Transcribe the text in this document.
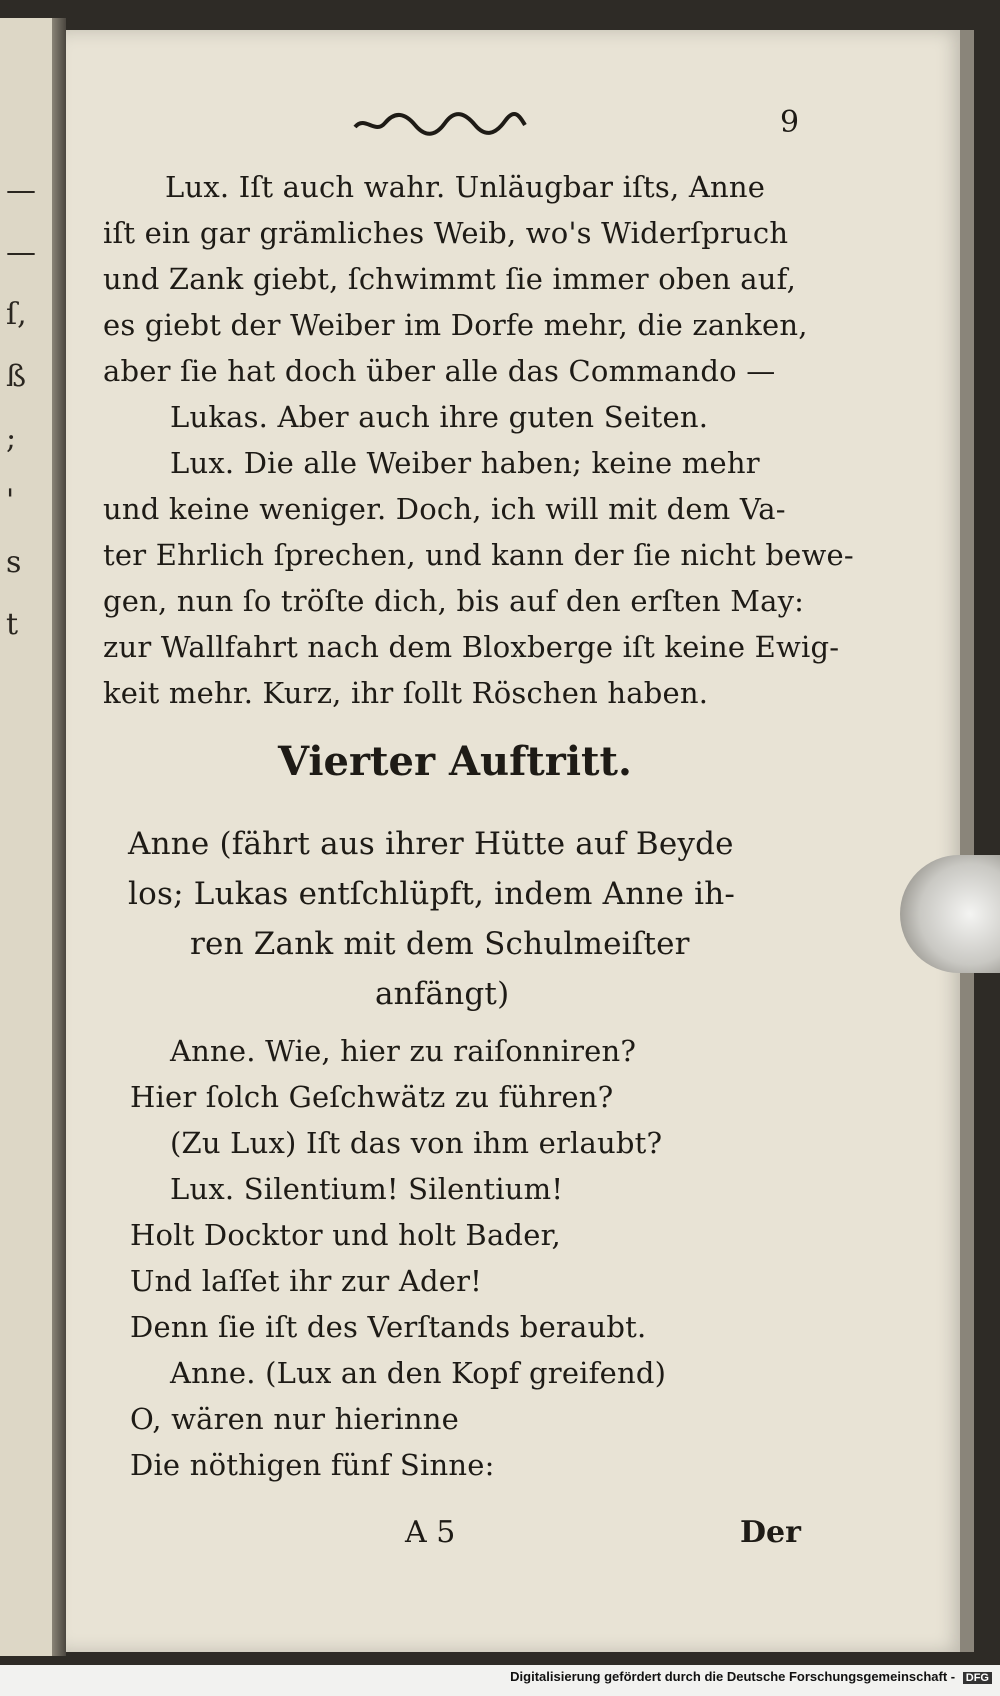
—
—
ſ,
ß
;
'
s
t
9
Lux. Iſt auch wahr. Unläugbar iſts, Anne
iſt ein gar grämliches Weib, wo's Widerſpruch
und Zank giebt, ſchwimmt ſie immer oben auf,
es giebt der Weiber im Dorfe mehr, die zanken,
aber ſie hat doch über alle das Commando —
Lukas. Aber auch ihre guten Seiten.
Lux. Die alle Weiber haben; keine mehr
und keine weniger. Doch, ich will mit dem Va-
ter Ehrlich ſprechen, und kann der ſie nicht bewe-
gen, nun ſo tröſte dich, bis auf den erſten May:
zur Wallfahrt nach dem Bloxberge iſt keine Ewig-
keit mehr. Kurz, ihr ſollt Röschen haben.
Vierter Auftritt.
Anne (fährt aus ihrer Hütte auf Beyde
los; Lukas entſchlüpft, indem Anne ih-
ren Zank mit dem Schulmeiſter
anfängt)
Anne. Wie, hier zu raiſonniren?
Hier ſolch Geſchwätz zu führen?
(Zu Lux) Iſt das von ihm erlaubt?
Lux. Silentium! Silentium!
Holt Docktor und holt Bader,
Und laſſet ihr zur Ader!
Denn ſie iſt des Verſtands beraubt.
Anne. (Lux an den Kopf greifend)
O, wären nur hierinne
Die nöthigen fünf Sinne:
A 5	Der
Digitalisierung gefördert durch die Deutsche Forschungsgemeinschaft - DFG
